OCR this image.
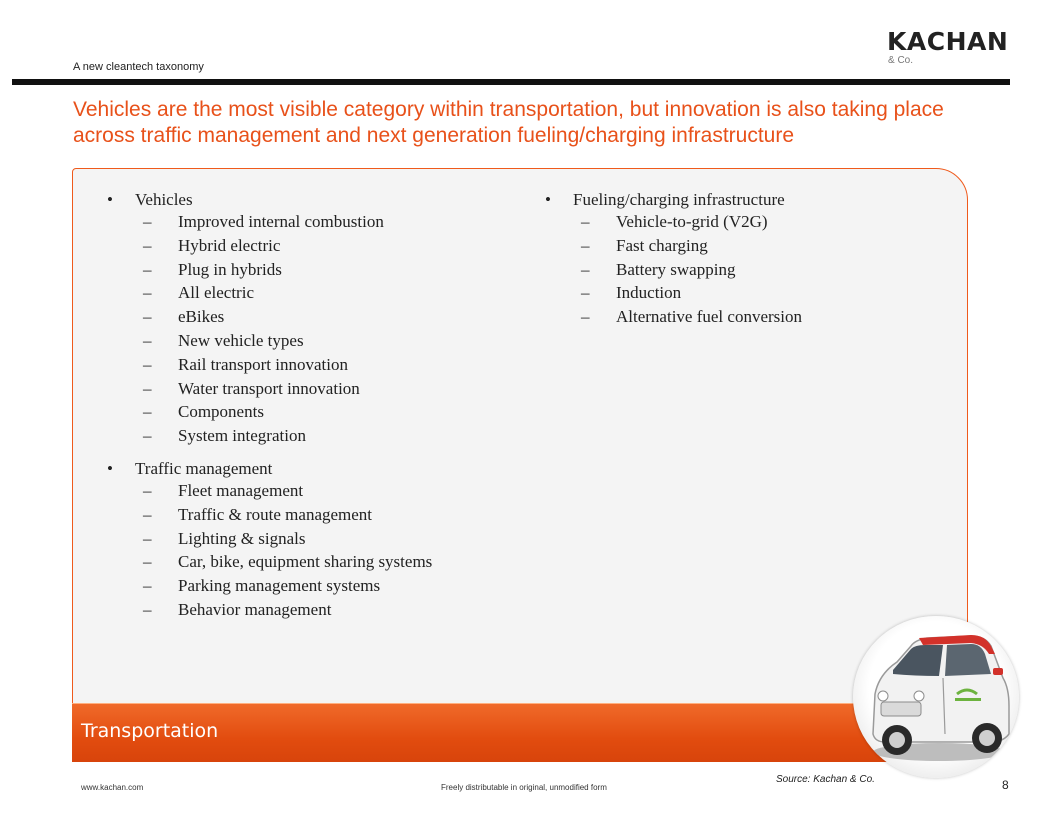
A new cleantech taxonomy
KACHAN
& Co.
Vehicles are the most visible category within transportation, but innovation is also taking place across traffic management and next generation fueling/charging infrastructure
•	Vehicles
–	Improved internal combustion
–	Hybrid electric
–	Plug in hybrids
–	All electric
–	eBikes
–	New vehicle types
–	Rail transport innovation
–	Water transport innovation
–	Components
–	System integration
•	Traffic management
–	Fleet management
–	Traffic & route management
–	Lighting & signals
–	Car, bike, equipment sharing systems
–	Parking management systems
–	Behavior management
•	Fueling/charging infrastructure
–	Vehicle-to-grid (V2G)
–	Fast charging
–	Battery swapping
–	Induction
–	Alternative fuel conversion
Transportation
Source: Kachan & Co.
www.kachan.com	Freely distributable in original, unmodified form	8
